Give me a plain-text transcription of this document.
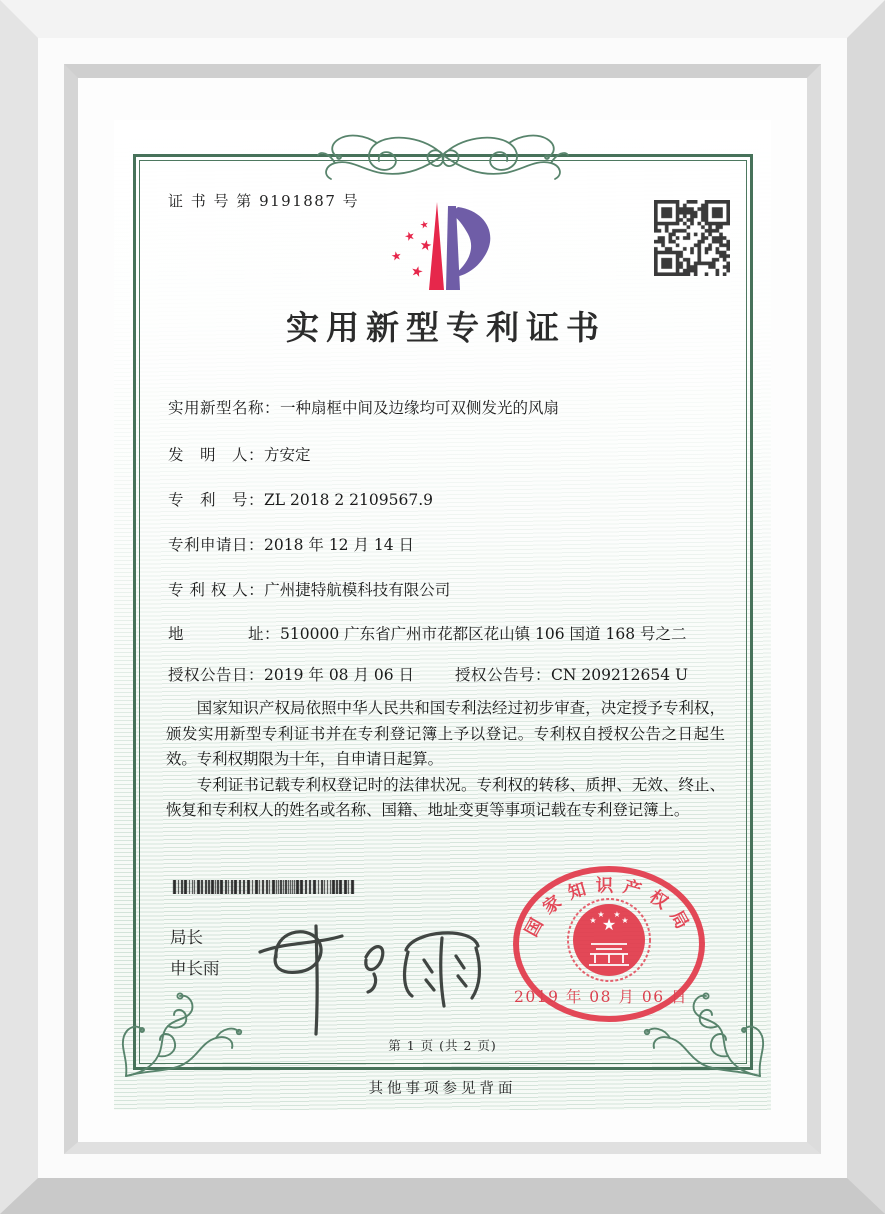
证 书 号 第 9191887 号
★
★
★
★
★
实用新型专利证书
实用新型名称：一种扇框中间及边缘均可双侧发光的风扇
发　明　人：方安定
专　利　号：ZL 2018 2 2109567.9
专利申请日：2018 年 12 月 14 日
专 利 权 人：广州捷特航模科技有限公司
地　　　　址：510000 广东省广州市花都区花山镇 106 国道 168 号之二
授权公告日：2019 年 08 月 06 日	授权公告号：CN 209212654 U

国家知识产权局依照中华人民共和国专利法经过初步审查，决定授予专利权，颁发实用新型专利证书并在专利登记簿上予以登记。专利权自授权公告之日起生效。专利权期限为十年，自申请日起算。

专利证书记载专利权登记时的法律状况。专利权的转移、质押、无效、终止、恢复和专利权人的姓名或名称、国籍、地址变更等事项记载在专利登记簿上。

局长
申长雨
国家知识产权局
★
★
★ ★
★
2019 年 08 月 06 日
第 1 页 (共 2 页)
其他事项参见背面
